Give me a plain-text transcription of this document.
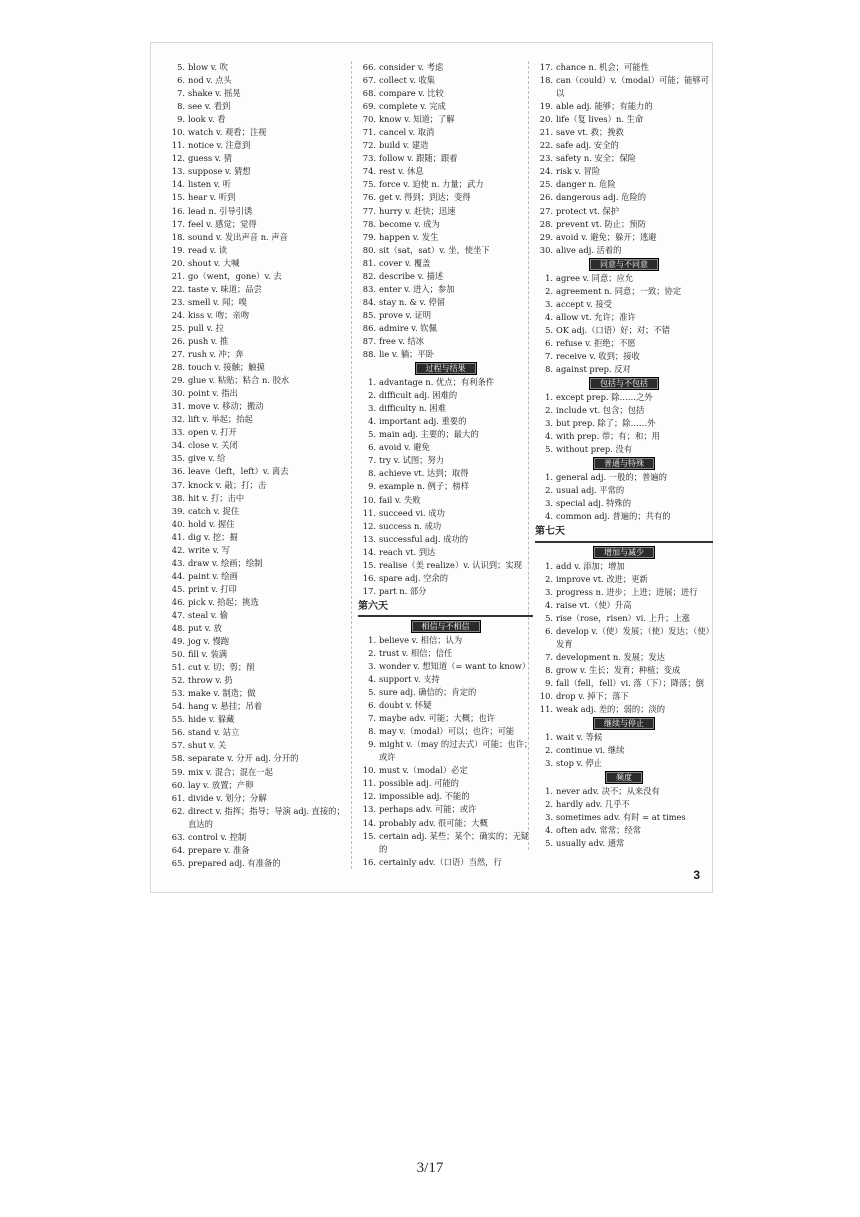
5. blow v. 吹
6. nod v. 点头
7. shake v. 摇晃
8. see v. 看到
9. look v. 看
10. watch v. 观看；注视
11. notice v. 注意到
12. guess v. 猜
13. suppose v. 猜想
14. listen v. 听
15. hear v. 听到
16. lead n. 引导引诱
17. feel v. 感觉；觉得
18. sound v. 发出声音 n. 声音
19. read v. 读
20. shout v. 大喊
21. go（went，gone）v. 去
22. taste v. 味道；品尝
23. smell v. 闻；嗅
24. kiss v. 吻；亲吻
25. pull v. 拉
26. push v. 推
27. rush v. 冲；奔
28. touch v. 接触；触摸
29. glue v. 粘贴；粘合 n. 胶水
30. point v. 指出
31. move v. 移动；搬动
32. lift v. 举起；抬起
33. open v. 打开
34. close v. 关闭
35. give v. 给
36. leave（left，left）v. 离去
37. knock v. 敲；打；击
38. hit v. 打；击中
39. catch v. 捉住
40. hold v. 握住
41. dig v. 挖；掘
42. write v. 写
43. draw v. 绘画；绘制
44. paint v. 绘画
45. print v. 打印
46. pick v. 拾起；挑选
47. steal v. 偷
48. put v. 放
49. jog v. 慢跑
50. fill v. 装满
51. cut v. 切；剪；削
52. throw v. 扔
53. make v. 制造；做
54. hang v. 悬挂；吊着
55. hide v. 躲藏
56. stand v. 站立
57. shut v. 关
58. separate v. 分开 adj. 分开的
59. mix v. 混合；混在一起
60. lay v. 放置；产卵
61. divide v. 划分；分解
62. direct v. 指挥；指导；导演 adj. 直接的；直达的
63. control v. 控制
64. prepare v. 准备
65. prepared adj. 有准备的
66. consider v. 考虑
67. collect v. 收集
68. compare v. 比较
69. complete v. 完成
70. know v. 知道；了解
71. cancel v. 取消
72. build v. 建造
73. follow v. 跟随；跟着
74. rest v. 休息
75. force v. 迫使 n. 力量；武力
76. get v. 得到；到达；变得
77. hurry v. 赶快；迅速
78. become v. 成为
79. happen v. 发生
80. sit（sat，sat）v. 坐，使坐下
81. cover v. 覆盖
82. describe v. 描述
83. enter v. 进入；参加
84. stay n. & v. 停留
85. prove v. 证明
86. admire v. 钦佩
87. free v. 结冰
88. lie v. 躺；平卧
过程与结果
1. advantage n. 优点；有利条件
2. difficult adj. 困难的
3. difficulty n. 困难
4. important adj. 重要的
5. main adj. 主要的；最大的
6. avoid v. 避免
7. try v. 试图；努力
8. achieve vt. 达到；取得
9. example n. 例子；榜样
10. fail v. 失败
11. succeed vi. 成功
12. success n. 成功
13. successful adj. 成功的
14. reach vt. 到达
15. realise（美 realize）v. 认识到；实现
16. spare adj. 空余的
17. part n. 部分
第六天
相信与不相信
1. believe v. 相信；认为
2. trust v. 相信；信任
3. wonder v. 想知道（= want to know）
4. support v. 支持
5. sure adj. 确信的；肯定的
6. doubt v. 怀疑
7. maybe adv. 可能；大概；也许
8. may v.（modal）可以；也许；可能
9. might v.（may 的过去式）可能；也许；或许
10. must v.（modal）必定
11. possible adj. 可能的
12. impossible adj. 不能的
13. perhaps adv. 可能；或许
14. probably adv. 很可能；大概
15. certain adj. 某些；某个；确实的；无疑的
16. certainly adv.（口语）当然，行
17. chance n. 机会；可能性
18. can（could）v.（modal）可能；能够可以
19. able adj. 能够；有能力的
20. life（复 lives）n. 生命
21. save vt. 救；挽救
22. safe adj. 安全的
23. safety n. 安全；保险
24. risk v. 冒险
25. danger n. 危险
26. dangerous adj. 危险的
27. protect vt. 保护
28. prevent vt. 防止；预防
29. avoid v. 避免；躲开；逃避
30. alive adj. 活着的
同意与不同意
1. agree v. 同意；应允
2. agreement n. 同意；一致；协定
3. accept v. 接受
4. allow vt. 允许；准许
5. OK adj.（口语）好；对；不错
6. refuse v. 拒绝；不愿
7. receive v. 收到；接收
8. against prep. 反对
包括与不包括
1. except prep. 除……之外
2. include vt. 包含；包括
3. but prep. 除了；除……外
4. with prep. 带；有；和；用
5. without prep. 没有
普通与特殊
1. general adj. 一般的；普遍的
2. usual adj. 平常的
3. special adj. 特殊的
4. common adj. 普遍的；共有的
第七天
增加与减少
1. add v. 添加；增加
2. improve vt. 改进；更新
3. progress n. 进步；上进；进展；进行
4. raise vt.（使）升高
5. rise（rose，risen）vi. 上升；上涨
6. develop v.（使）发展；（使）发达；（使）发育
7. development n. 发展；发达
8. grow v. 生长；发育；种植；变成
9. fall（fell，fell）vi. 落（下）；降落；倒
10. drop v. 掉下；落下
11. weak adj. 差的；弱的；淡的
继续与停止
1. wait v. 等候
2. continue vi. 继续
3. stop v. 停止
频度
1. never adv. 决不；从来没有
2. hardly adv. 几乎不
3. sometimes adv. 有时 = at times
4. often adv. 常常；经常
5. usually adv. 通常
3
3/17
